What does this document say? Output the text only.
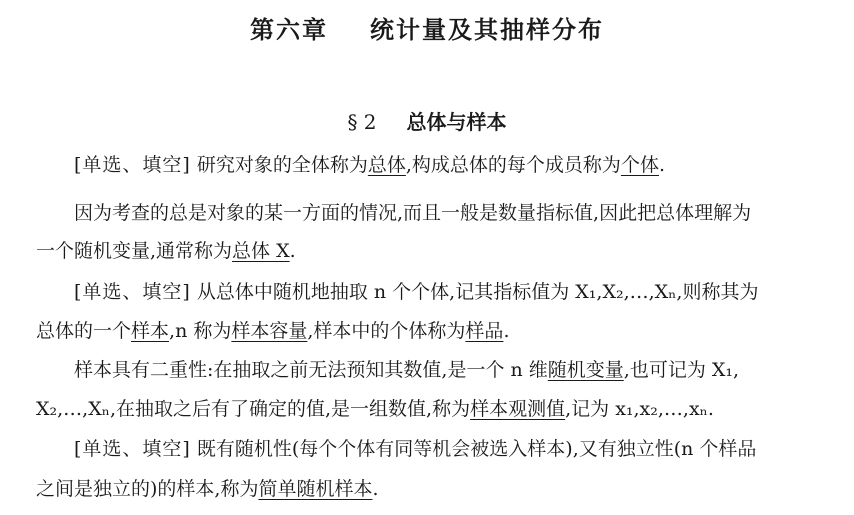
第六章 统计量及其抽样分布
§ 2 总体与样本
[单选、填空] 研究对象的全体称为总体,构成总体的每个成员称为个体.
因为考查的总是对象的某一方面的情况,而且一般是数量指标值,因此把总体理解为
一个随机变量,通常称为总体 X.
[单选、填空] 从总体中随机地抽取 n 个个体,记其指标值为 X₁,X₂,…,Xₙ,则称其为
总体的一个样本,n 称为样本容量,样本中的个体称为样品.
样本具有二重性:在抽取之前无法预知其数值,是一个 n 维随机变量,也可记为 X₁,
X₂,…,Xₙ,在抽取之后有了确定的值,是一组数值,称为样本观测值,记为 x₁,x₂,…,xₙ.
[单选、填空] 既有随机性(每个个体有同等机会被选入样本),又有独立性(n 个样品
之间是独立的)的样本,称为简单随机样本.
